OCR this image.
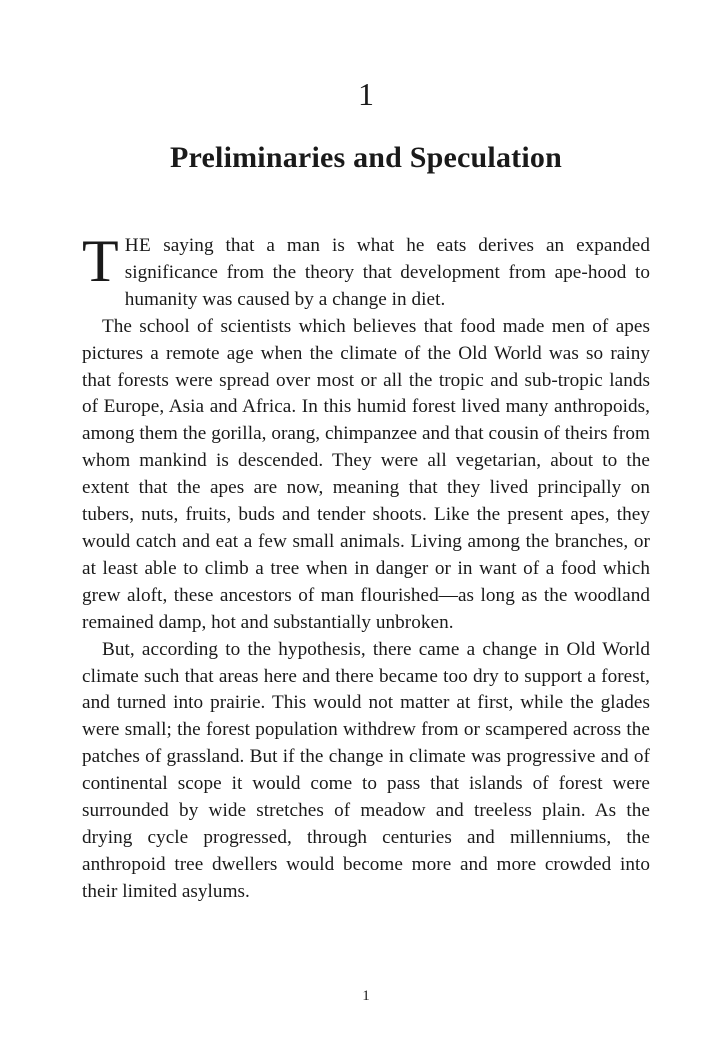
1
Preliminaries and Speculation

THE saying that a man is what he eats derives an expanded significance from the theory that development from ape-hood to humanity was caused by a change in diet.

The school of scientists which believes that food made men of apes pictures a remote age when the climate of the Old World was so rainy that forests were spread over most or all the tropic and sub-tropic lands of Europe, Asia and Africa. In this humid forest lived many anthropoids, among them the gorilla, orang, chimpanzee and that cousin of theirs from whom mankind is descended. They were all vegetarian, about to the extent that the apes are now, meaning that they lived principally on tubers, nuts, fruits, buds and tender shoots. Like the present apes, they would catch and eat a few small animals. Living among the branches, or at least able to climb a tree when in danger or in want of a food which grew aloft, these ancestors of man flourished—as long as the woodland remained damp, hot and substantially unbroken.

But, according to the hypothesis, there came a change in Old World climate such that areas here and there became too dry to support a forest, and turned into prairie. This would not matter at first, while the glades were small; the forest population withdrew from or scampered across the patches of grassland. But if the change in climate was progressive and of continental scope it would come to pass that islands of forest were surrounded by wide stretches of meadow and treeless plain. As the drying cycle progressed, through centuries and millenniums, the anthropoid tree dwellers would become more and more crowded into their limited asylums.

1
